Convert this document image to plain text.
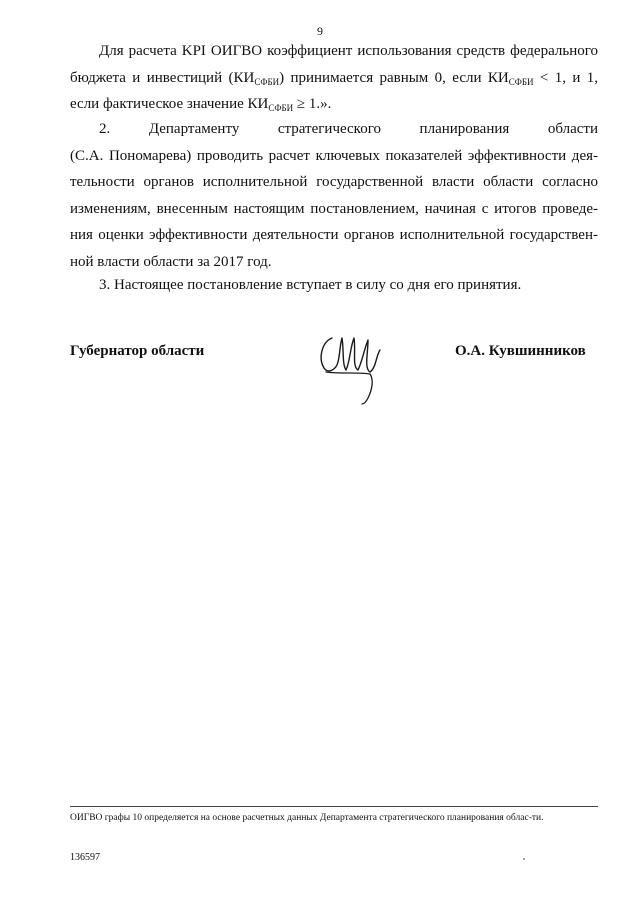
9
Для расчета KPI ОИГВО коэффициент использования средств федерального
бюджета и инвестиций $(КИ_{СФБИ})$ принимается равным 0, если $КИ_{СФБИ} < 1$, и 1,
если фактическое значение $КИ_{СФБИ} \ge 1$.».
2. Департаменту стратегического планирования области
(С.А. Пономарева) проводить расчет ключевых показателей эффективности дея-
тельности органов исполнительной государственной власти области согласно
изменениям, внесенным настоящим постановлением, начиная с итогов проведе-
ния оценки эффективности деятельности органов исполнительной государствен-
ной власти области за 2017 год.
3. Настоящее постановление вступает в силу со дня его принятия.
Губернатор области	О.А. Кувшинников
ОИГВО графы 10 определяется на основе расчетных данных Департамента стратегического планирования облас-ти.
136597
